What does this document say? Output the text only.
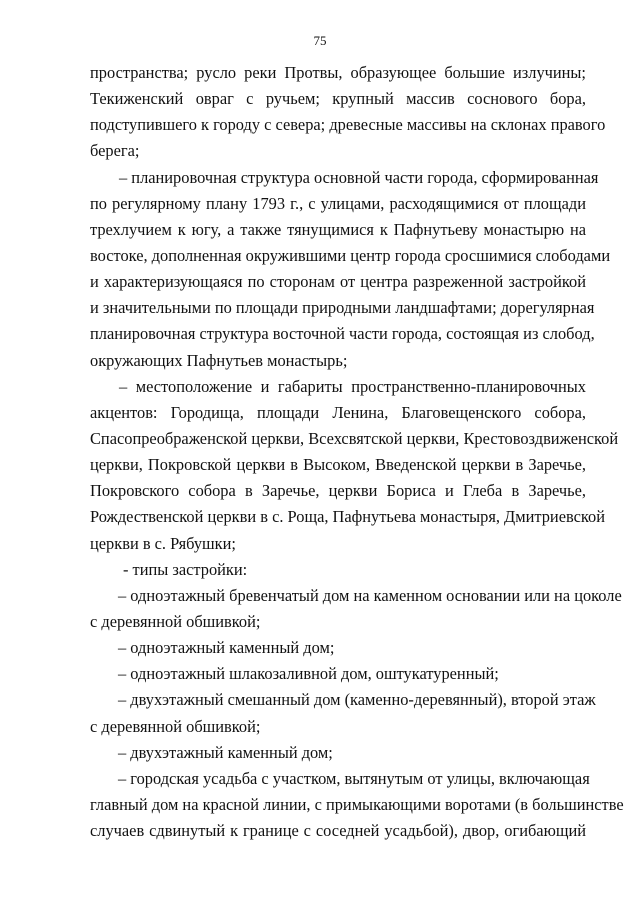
75
пространства; русло реки Протвы, образующее большие излучины;
Текиженский овраг с ручьем; крупный массив соснового бора,
подступившего к городу с севера; древесные массивы на склонах правого
берега;
– планировочная структура основной части города, сформированная
по регулярному плану 1793 г., с улицами, расходящимися от площади
трехлучием к югу, а также тянущимися к Пафнутьеву монастырю на
востоке, дополненная окружившими центр города сросшимися слободами
и характеризующаяся по сторонам от центра разреженной застройкой
и значительными по площади природными ландшафтами; дорегулярная
планировочная структура восточной части города, состоящая из слобод,
окружающих Пафнутьев монастырь;
– местоположение и габариты пространственно-планировочных
акцентов: Городища, площади Ленина, Благовещенского собора,
Спасопреображенской церкви, Всехсвятской церкви, Крестовоздвиженской
церкви, Покровской церкви в Высоком, Введенской церкви в Заречье,
Покровского собора в Заречье, церкви Бориса и Глеба в Заречье,
Рождественской церкви в с. Роща, Пафнутьева монастыря, Дмитриевской
церкви в с. Рябушки;
- типы застройки:
– одноэтажный бревенчатый дом на каменном основании или на цоколе
с деревянной обшивкой;
– одноэтажный каменный дом;
– одноэтажный шлакозаливной дом, оштукатуренный;
– двухэтажный смешанный дом (каменно-деревянный), второй этаж
с деревянной обшивкой;
– двухэтажный каменный дом;
– городская усадьба с участком, вытянутым от улицы, включающая
главный дом на красной линии, с примыкающими воротами (в большинстве
случаев сдвинутый к границе с соседней усадьбой), двор, огибающий
